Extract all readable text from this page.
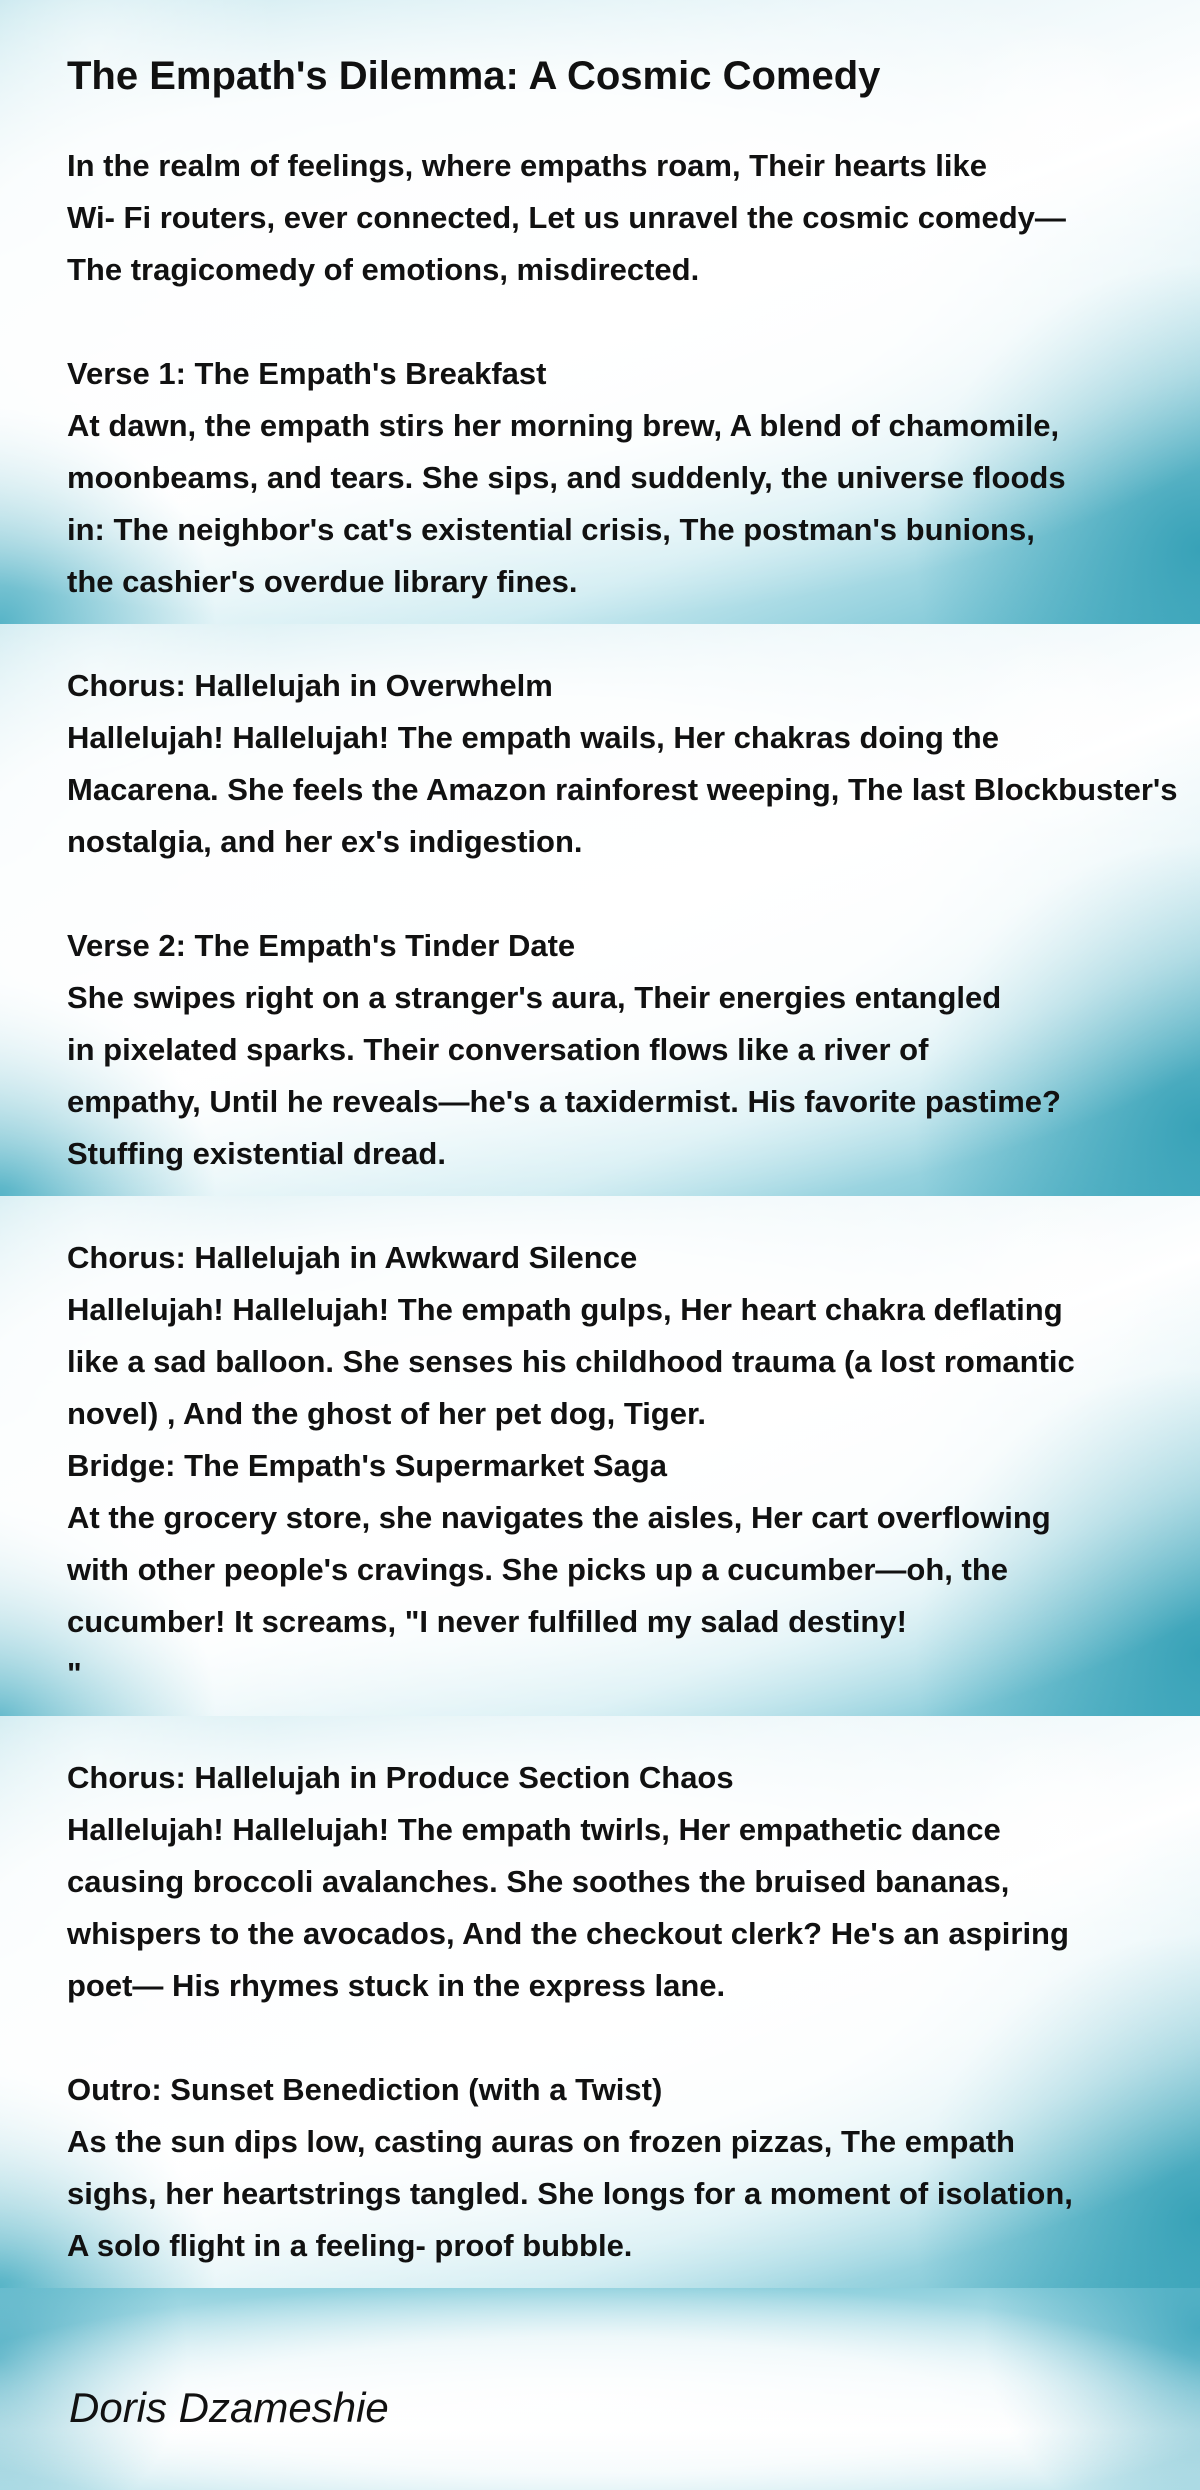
The Empath's Dilemma: A Cosmic Comedy
In the realm of feelings, where empaths roam, Their hearts like
Wi- Fi routers, ever connected, Let us unravel the cosmic comedy—
The tragicomedy of emotions, misdirected.
Verse 1: The Empath's Breakfast
At dawn, the empath stirs her morning brew, A blend of chamomile,
moonbeams, and tears. She sips, and suddenly, the universe floods
in: The neighbor's cat's existential crisis, The postman's bunions,
the cashier's overdue library fines.
Chorus: Hallelujah in Overwhelm
Hallelujah! Hallelujah! The empath wails, Her chakras doing the
Macarena. She feels the Amazon rainforest weeping, The last Blockbuster's
nostalgia, and her ex's indigestion.
Verse 2: The Empath's Tinder Date
She swipes right on a stranger's aura, Their energies entangled
in pixelated sparks. Their conversation flows like a river of
empathy, Until he reveals—he's a taxidermist. His favorite pastime?
Stuffing existential dread.
Chorus: Hallelujah in Awkward Silence
Hallelujah! Hallelujah! The empath gulps, Her heart chakra deflating
like a sad balloon. She senses his childhood trauma (a lost romantic
novel) , And the ghost of her pet dog, Tiger.
Bridge: The Empath's Supermarket Saga
At the grocery store, she navigates the aisles, Her cart overflowing
with other people's cravings. She picks up a cucumber—oh, the
cucumber! It screams, "I never fulfilled my salad destiny!
"
Chorus: Hallelujah in Produce Section Chaos
Hallelujah! Hallelujah! The empath twirls, Her empathetic dance
causing broccoli avalanches. She soothes the bruised bananas,
whispers to the avocados, And the checkout clerk? He's an aspiring
poet— His rhymes stuck in the express lane.
Outro: Sunset Benediction (with a Twist)
As the sun dips low, casting auras on frozen pizzas, The empath
sighs, her heartstrings tangled. She longs for a moment of isolation,
A solo flight in a feeling- proof bubble.
Doris Dzameshie
